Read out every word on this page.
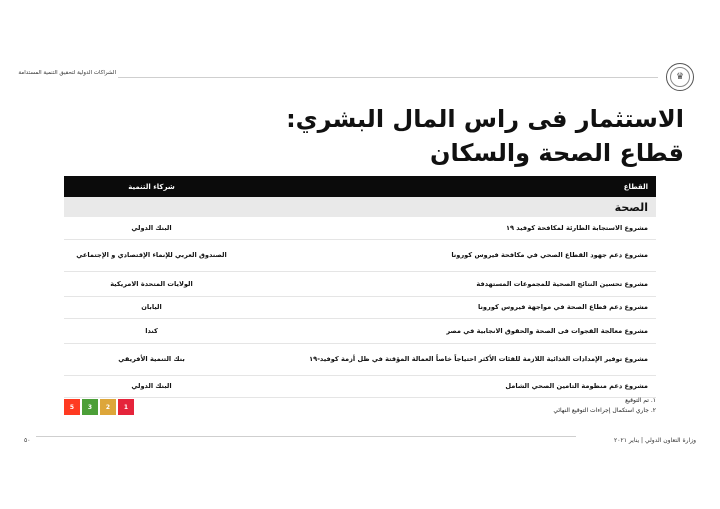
الشراكات الدولية لتحقيق التنمية المستدامة	♛
الاستثمار فى راس المال البشري: قطاع الصحة والسكان
القطاع	شركاء التنمية
الصحة	
مشروع الاستجابة الطارئة لمكافحة كوفيد ١٩	البنك الدولي
مشروع دعم جهود القطاع الصحي في مكافحة فيروس كورونا	الصندوق العربي للإنماء الإقتصادي و الإجتماعي
مشروع تحسين النتائج الصحية للمجموعات المستهدفة	الولايات المتحدة الامريكية
مشروع دعم قطاع الصحة في مواجهة فيروس كورونا	اليابان
مشروع معالجة الفجوات فى الصحة والحقوق الانجابية في مصر	كندا
مشروع توفير الإمدادات الغذائية اللازمة للفئات الأكثر احتياجاً خاصاً العمالة المؤقتة في ظل أزمة كوفيد-١٩	بنك التنمية الأفريقي
مشروع دعم منظومة التامين الصحي الشامل	البنك الدولي
5	3	2	1
١. تم التوقيع
٢. جاري استكمال إجراءات التوقيع النهائي
٥٠	وزارة التعاون الدولي | يناير ٢٠٢١
